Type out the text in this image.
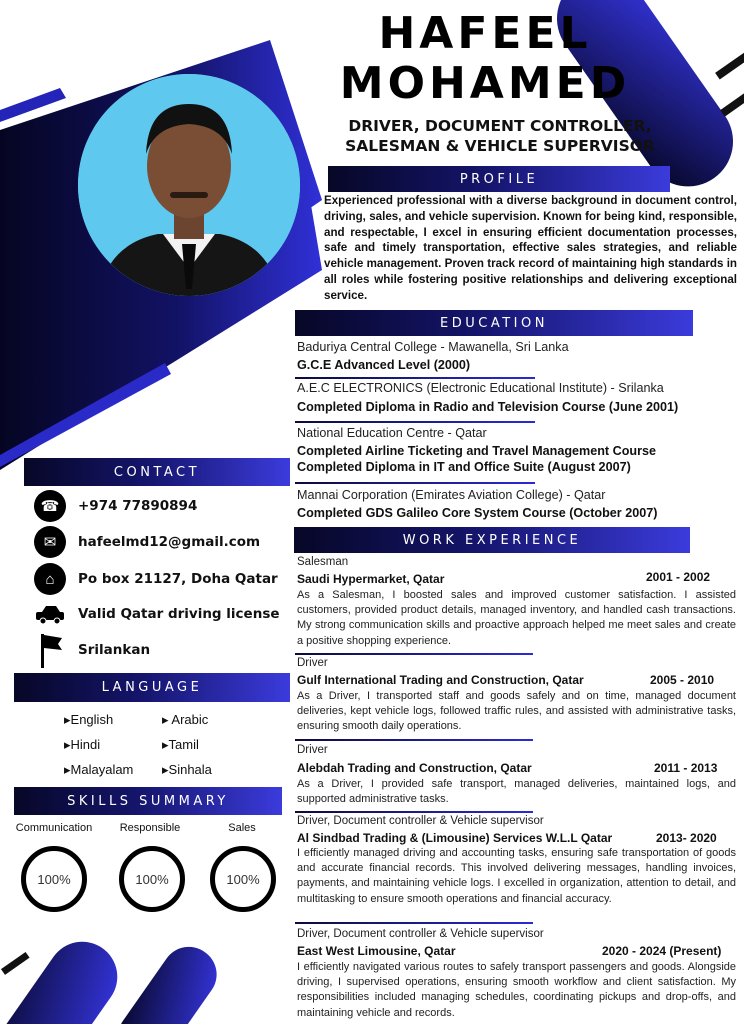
HAFEEL
MOHAMED
DRIVER, DOCUMENT CONTROLLER,
SALESMAN & VEHICLE SUPERVISOR
PROFILE
Experienced professional with a diverse background in document control, driving, sales, and vehicle supervision. Known for being kind, responsible, and respectable, I excel in ensuring efficient documentation processes, safe and timely transportation, effective sales strategies, and reliable vehicle management. Proven track record of maintaining high standards in all roles while fostering positive relationships and delivering exceptional service.
EDUCATION
Baduriya Central College - Mawanella, Sri Lanka
G.C.E Advanced Level (2000)
A.E.C ELECTRONICS (Electronic Educational Institute) - Srilanka
Completed Diploma in Radio and Television Course (June 2001)
National Education Centre - Qatar
Completed Airline Ticketing and Travel Management Course
Completed Diploma in IT and Office Suite (August 2007)
Mannai Corporation (Emirates Aviation College) - Qatar
Completed GDS Galileo Core System Course (October 2007)
WORK EXPERIENCE
Salesman
Saudi Hypermarket, Qatar	2001 - 2002
As a Salesman, I boosted sales and improved customer satisfaction. I assisted customers, provided product details, managed inventory, and handled cash transactions. My strong communication skills and proactive approach helped me meet sales and create a positive shopping experience.
Driver
Gulf International Trading and Construction, Qatar	2005 - 2010
As a Driver, I transported staff and goods safely and on time, managed document deliveries, kept vehicle logs, followed traffic rules, and assisted with administrative tasks, ensuring smooth daily operations.
Driver
Alebdah Trading and Construction, Qatar	2011 - 2013
As a Driver, I provided safe transport, managed deliveries, maintained logs, and supported administrative tasks.
Driver, Document controller & Vehicle supervisor
Al Sindbad Trading & (Limousine) Services W.L.L Qatar	2013- 2020
I efficiently managed driving and accounting tasks, ensuring safe transportation of goods and accurate financial records. This involved delivering messages, handling invoices, payments, and maintaining vehicle logs. I excelled in organization, attention to detail, and multitasking to ensure smooth operations and financial accuracy.
Driver, Document controller & Vehicle supervisor
East West Limousine, Qatar	2020 - 2024 (Present)
I efficiently navigated various routes to safely transport passengers and goods. Alongside driving, I supervised operations, ensuring smooth workflow and client satisfaction. My responsibilities included managing schedules, coordinating pickups and drop-offs, and maintaining vehicle and records.
CONTACT
☎	+974 77890894
✉	hafeelmd12@gmail.com
⌂	Po box 21127, Doha Qatar
Valid Qatar driving license
Srilankan
LANGUAGE
▸English	▸ Arabic
▸Hindi	▸Tamil
▸Malayalam ▸Sinhala
SKILLS SUMMARY
Communication	Responsible	Sales
100%	100%	100%
